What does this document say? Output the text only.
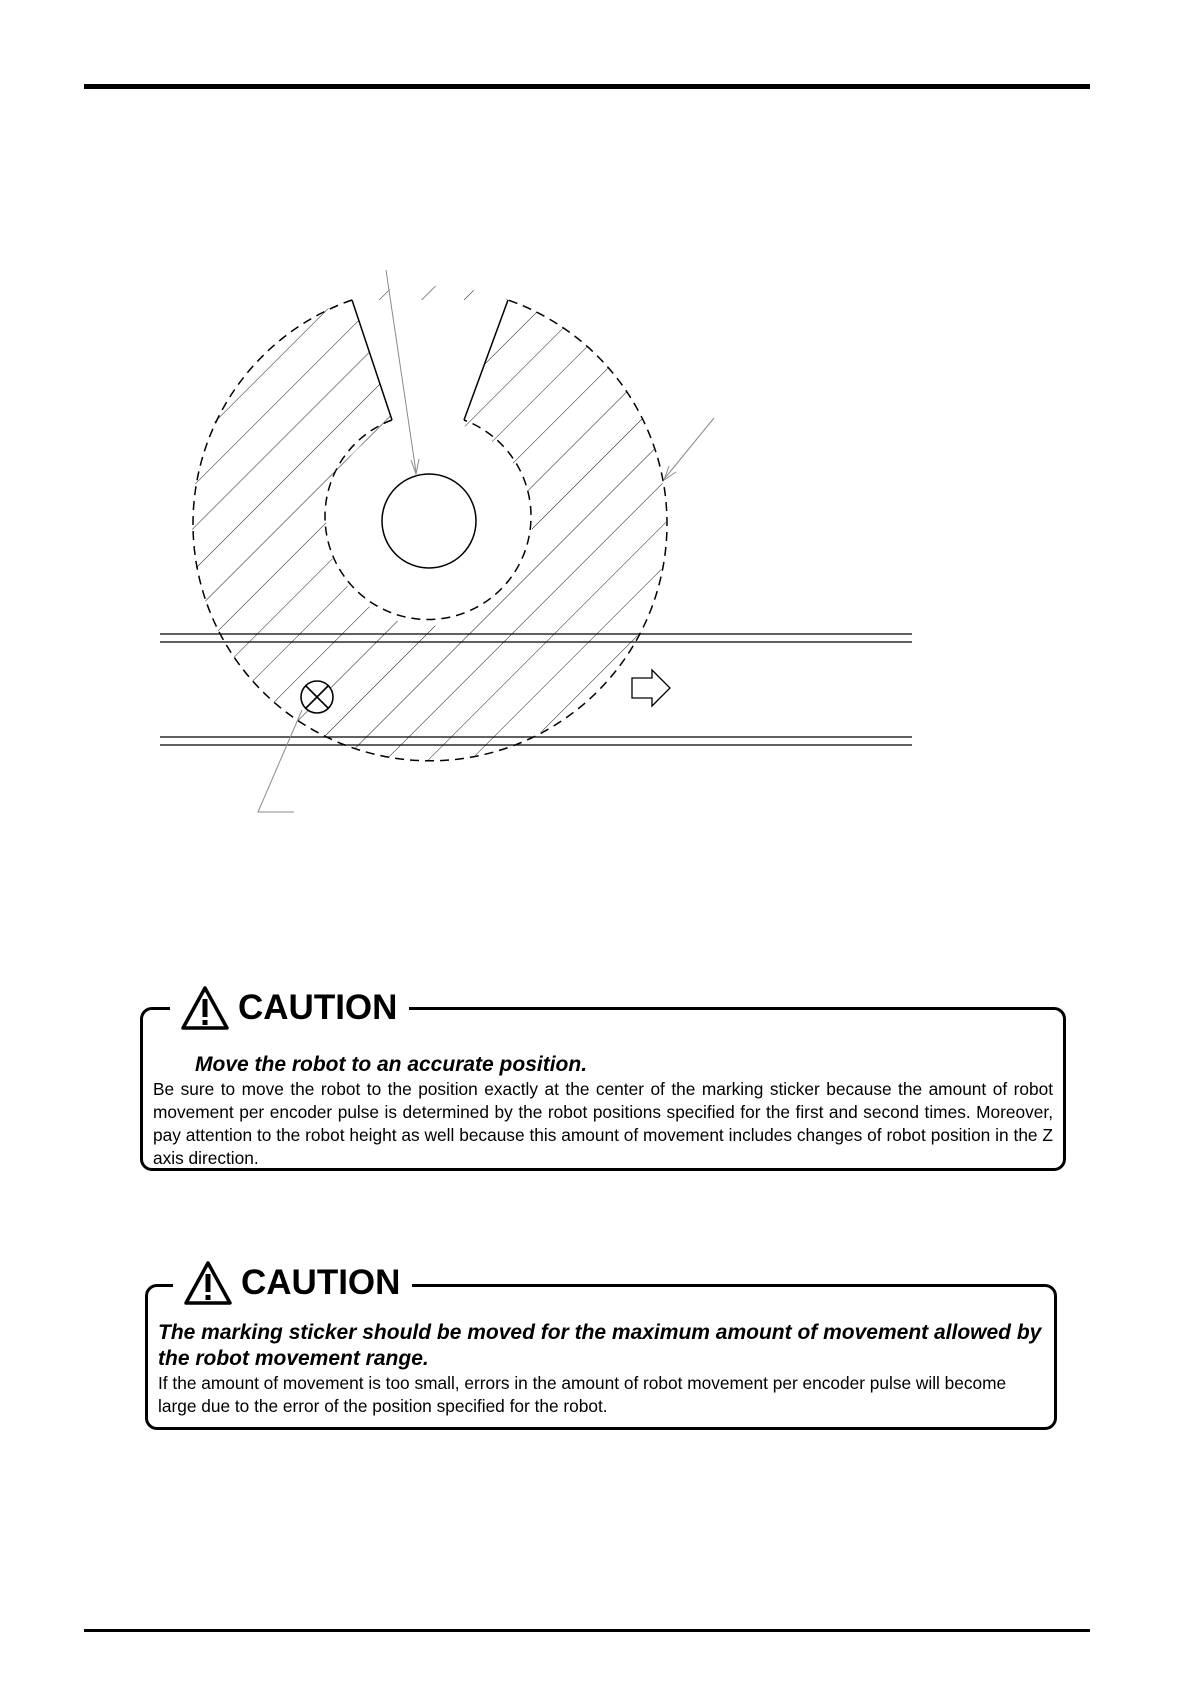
Move the robot to an accurate position.

Be sure to move the robot to the position exactly at the center of the marking sticker because the amount of robot movement per encoder pulse is determined by the robot positions specified for the first and second times. Moreover, pay attention to the robot height as well because this amount of movement includes changes of robot position in the Z axis direction.

CAUTION

The marking sticker should be moved for the maximum amount of movement allowed by the robot movement range.

If the amount of movement is too small, errors in the amount of robot movement per encoder pulse will become large due to the error of the position specified for the robot.

CAUTION
